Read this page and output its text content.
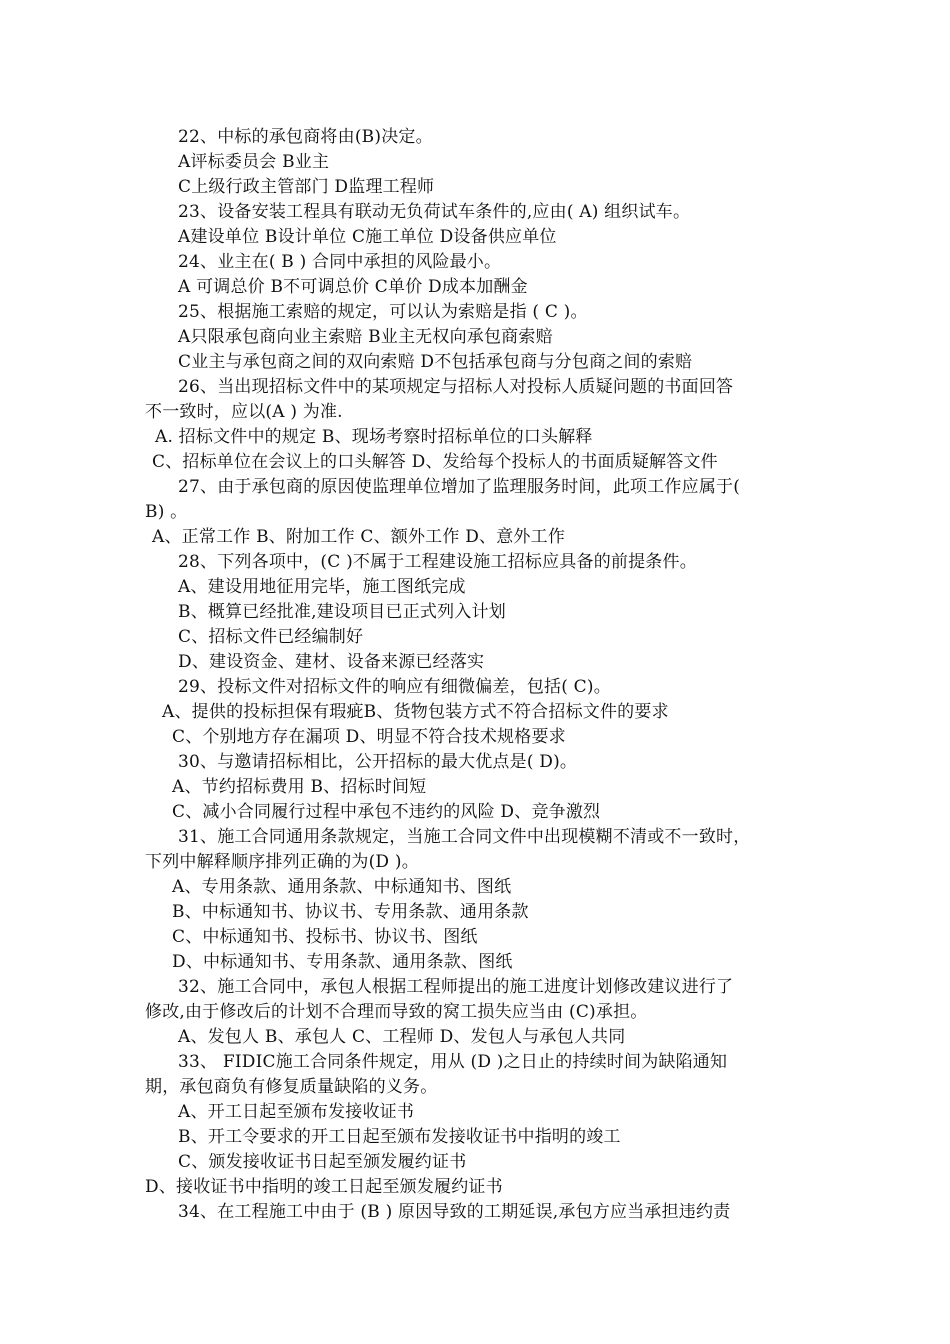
22、中标的承包商将由(B)决定。
A评标委员会 B业主
C上级行政主管部门 D监理工程师
23、设备安装工程具有联动无负荷试车条件的,应由( A) 组织试车。
A建设单位 B设计单位 C施工单位 D设备供应单位
24、业主在( B ) 合同中承担的风险最小。
A 可调总价 B不可调总价 C单价 D成本加酬金
25、根据施工索赔的规定，可以认为索赔是指 ( C )。
A只限承包商向业主索赔 B业主无权向承包商索赔
C业主与承包商之间的双向索赔 D不包括承包商与分包商之间的索赔
26、当出现招标文件中的某项规定与招标人对投标人质疑问题的书面回答
不一致时，应以(A ) 为准.
A. 招标文件中的规定 B、现场考察时招标单位的口头解释
C、招标单位在会议上的口头解答 D、发给每个投标人的书面质疑解答文件
27、由于承包商的原因使监理单位增加了监理服务时间，此项工作应属于(
B) 。
A、正常工作 B、附加工作 C、额外工作 D、意外工作
28、下列各项中，(C )不属于工程建设施工招标应具备的前提条件。
A、建设用地征用完毕，施工图纸完成
B、概算已经批准,建设项目已正式列入计划
C、招标文件已经编制好
D、建设资金、建材、设备来源已经落实
29、投标文件对招标文件的响应有细微偏差，包括( C)。
A、提供的投标担保有瑕疵B、货物包装方式不符合招标文件的要求
C、个别地方存在漏项 D、明显不符合技术规格要求
30、与邀请招标相比，公开招标的最大优点是( D)。
A、节约招标费用 B、招标时间短
C、减小合同履行过程中承包不违约的风险 D、竞争激烈
31、施工合同通用条款规定，当施工合同文件中出现模糊不清或不一致时，
下列中解释顺序排列正确的为(D )。
A、专用条款、通用条款、中标通知书、图纸
B、中标通知书、协议书、专用条款、通用条款
C、中标通知书、投标书、协议书、图纸
D、中标通知书、专用条款、通用条款、图纸
32、施工合同中，承包人根据工程师提出的施工进度计划修改建议进行了
修改,由于修改后的计划不合理而导致的窝工损失应当由 (C)承担。
A、发包人 B、承包人 C、工程师 D、发包人与承包人共同
33、 FIDIC施工合同条件规定，用从 (D )之日止的持续时间为缺陷通知
期，承包商负有修复质量缺陷的义务。
A、开工日起至颁布发接收证书
B、开工令要求的开工日起至颁布发接收证书中指明的竣工
C、颁发接收证书日起至颁发履约证书
D、接收证书中指明的竣工日起至颁发履约证书
34、在工程施工中由于 (B ) 原因导致的工期延误,承包方应当承担违约责
